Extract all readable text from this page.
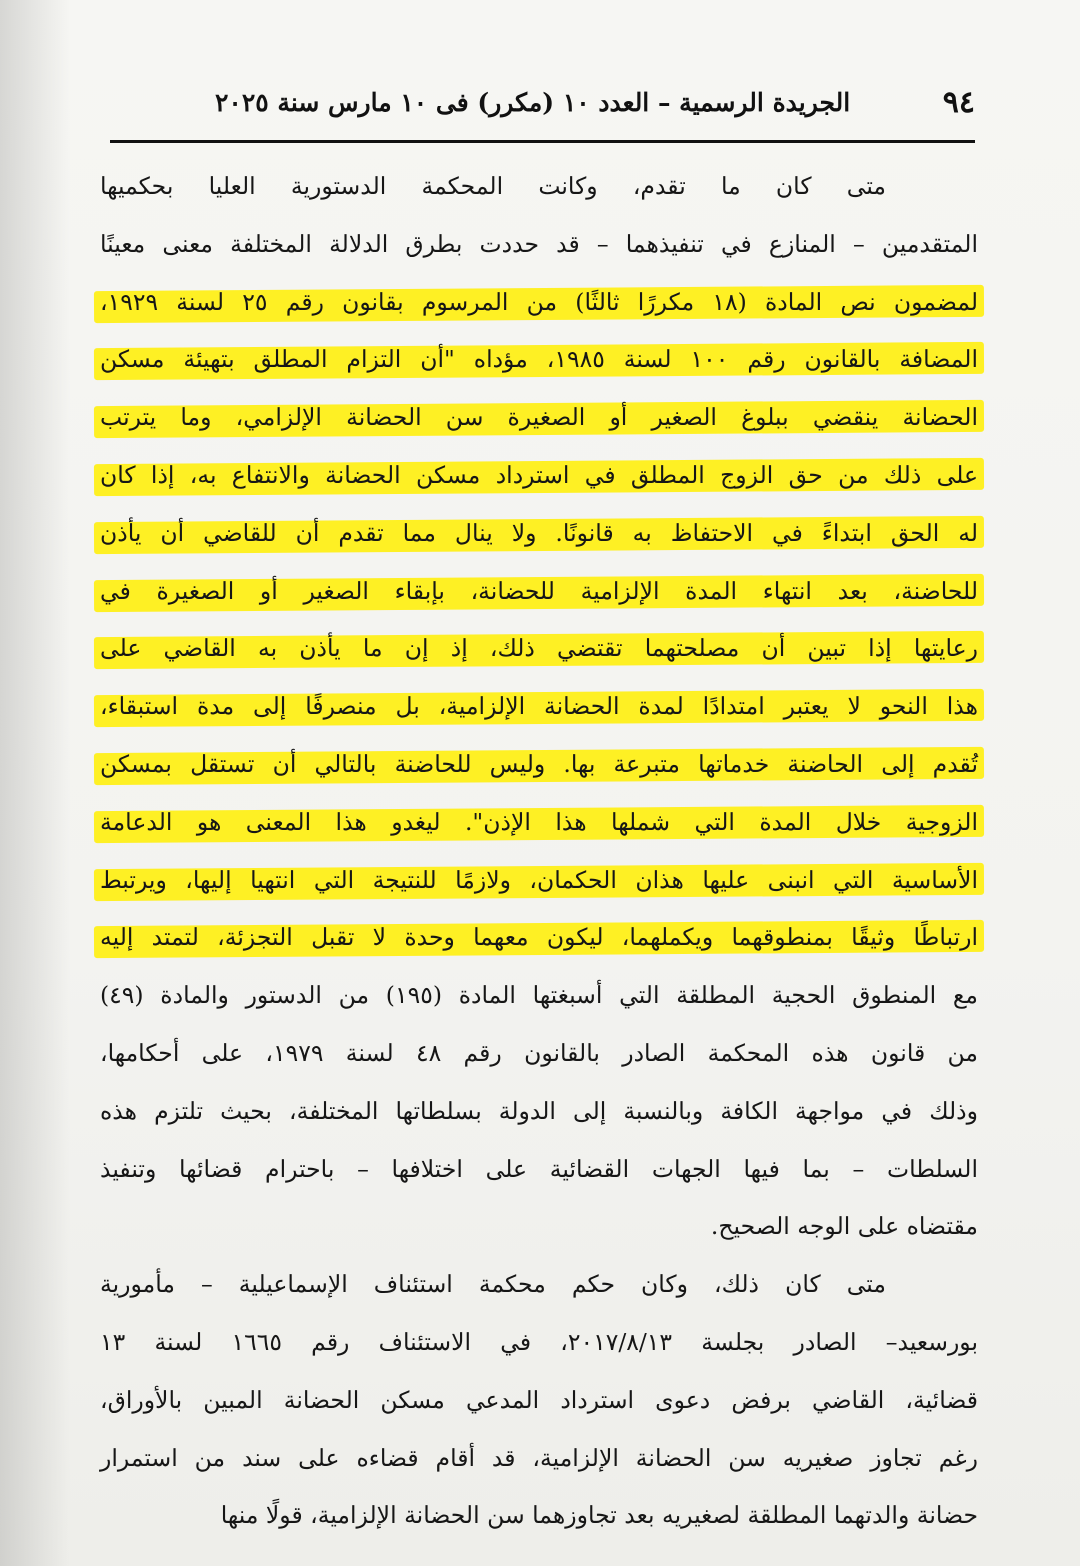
٩٤
الجريدة الرسمية – العدد ١٠ (مكرر) فى ١٠ مارس سنة ٢٠٢٥
متى كان ما تقدم، وكانت المحكمة الدستورية العليا بحكميها
المتقدمين – المنازع في تنفيذهما – قد حددت بطرق الدلالة المختلفة معنى معينًا
لمضمون نص المادة (١٨ مكررًا ثالثًا) من المرسوم بقانون رقم ٢٥ لسنة ١٩٢٩،
المضافة بالقانون رقم ١٠٠ لسنة ١٩٨٥، مؤداه "أن التزام المطلق بتهيئة مسكن
الحضانة ينقضي ببلوغ الصغير أو الصغيرة سن الحضانة الإلزامي، وما يترتب
على ذلك من حق الزوج المطلق في استرداد مسكن الحضانة والانتفاع به، إذا كان
له الحق ابتداءً في الاحتفاظ به قانونًا. ولا ينال مما تقدم أن للقاضي أن يأذن
للحاضنة، بعد انتهاء المدة الإلزامية للحضانة، بإبقاء الصغير أو الصغيرة في
رعايتها إذا تبين أن مصلحتهما تقتضي ذلك، إذ إن ما يأذن به القاضي على
هذا النحو لا يعتبر امتدادًا لمدة الحضانة الإلزامية، بل منصرفًا إلى مدة استبقاء،
تُقدم إلى الحاضنة خدماتها متبرعة بها. وليس للحاضنة بالتالي أن تستقل بمسكن
الزوجية خلال المدة التي شملها هذا الإذن". ليغدو هذا المعنى هو الدعامة
الأساسية التي انبنى عليها هذان الحكمان، ولازمًا للنتيجة التي انتهيا إليها، ويرتبط
ارتباطًا وثيقًا بمنطوقهما ويكملهما، ليكون معهما وحدة لا تقبل التجزئة، لتمتد إليه
مع المنطوق الحجية المطلقة التي أسبغتها المادة (١٩٥) من الدستور والمادة (٤٩)
من قانون هذه المحكمة الصادر بالقانون رقم ٤٨ لسنة ١٩٧٩، على أحكامها،
وذلك في مواجهة الكافة وبالنسبة إلى الدولة بسلطاتها المختلفة، بحيث تلتزم هذه
السلطات – بما فيها الجهات القضائية على اختلافها – باحترام قضائها وتنفيذ
مقتضاه على الوجه الصحيح.
متى كان ذلك، وكان حكم محكمة استئناف الإسماعيلية – مأمورية
بورسعيد– الصادر بجلسة ٢٠١٧/٨/١٣، في الاستئناف رقم ١٦٦٥ لسنة ١٣
قضائية، القاضي برفض دعوى استرداد المدعي مسكن الحضانة المبين بالأوراق،
رغم تجاوز صغيريه سن الحضانة الإلزامية، قد أقام قضاءه على سند من استمرار
حضانة والدتهما المطلقة لصغيريه بعد تجاوزهما سن الحضانة الإلزامية، قولًا منها
